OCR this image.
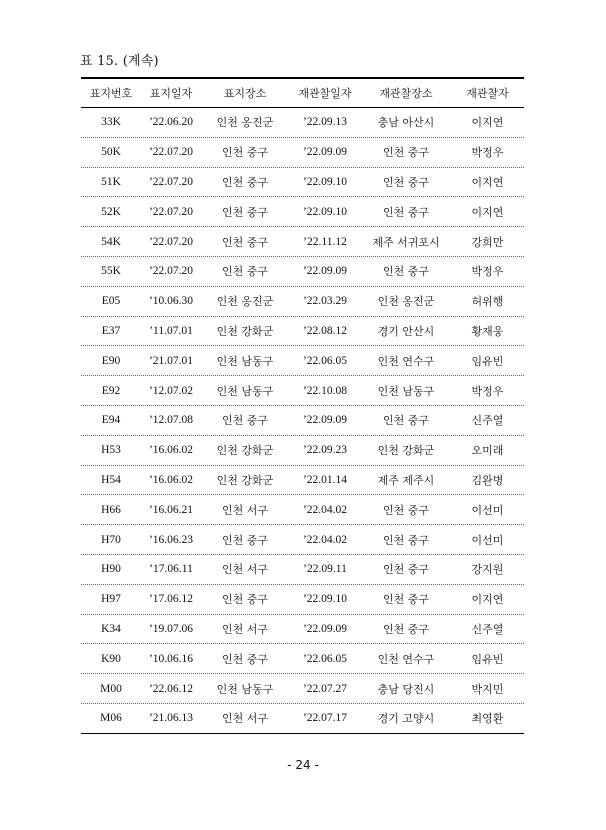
표 15. (계속)
표지번호	표지일자	표지장소	재관찰일자	재관찰장소	재관찰자
33K	’22.06.20	인천 옹진군	’22.09.13	충남 아산시	이지연
50K	’22.07.20	인천 중구	’22.09.09	인천 중구	박정우
51K	’22.07.20	인천 중구	’22.09.10	인천 중구	이지연
52K	’22.07.20	인천 중구	’22.09.10	인천 중구	이지연
54K	’22.07.20	인천 중구	’22.11.12	제주 서귀포시	강희만
55K	’22.07.20	인천 중구	’22.09.09	인천 중구	박정우
E05	’10.06.30	인천 옹진군	’22.03.29	인천 옹진군	허위행
E37	’11.07.01	인천 강화군	’22.08.12	경기 안산시	황재웅
E90	’21.07.01	인천 남동구	’22.06.05	인천 연수구	임유빈
E92	’12.07.02	인천 남동구	’22.10.08	인천 남동구	박정우
E94	’12.07.08	인천 중구	’22.09.09	인천 중구	신주열
H53	’16.06.02	인천 강화군	’22.09.23	인천 강화군	오미래
H54	’16.06.02	인천 강화군	’22.01.14	제주 제주시	김완병
H66	’16.06.21	인천 서구	’22.04.02	인천 중구	이선미
H70	’16.06.23	인천 중구	’22.04.02	인천 중구	이선미
H90	’17.06.11	인천 서구	’22.09.11	인천 중구	강지원
H97	’17.06.12	인천 중구	’22.09.10	인천 중구	이지연
K34	’19.07.06	인천 서구	’22.09.09	인천 중구	신주열
K90	’10.06.16	인천 중구	’22.06.05	인천 연수구	임유빈
M00	’22.06.12	인천 남동구	’22.07.27	충남 당진시	박지민
M06	’21.06.13	인천 서구	’22.07.17	경기 고양시	최영환
- 24 -
